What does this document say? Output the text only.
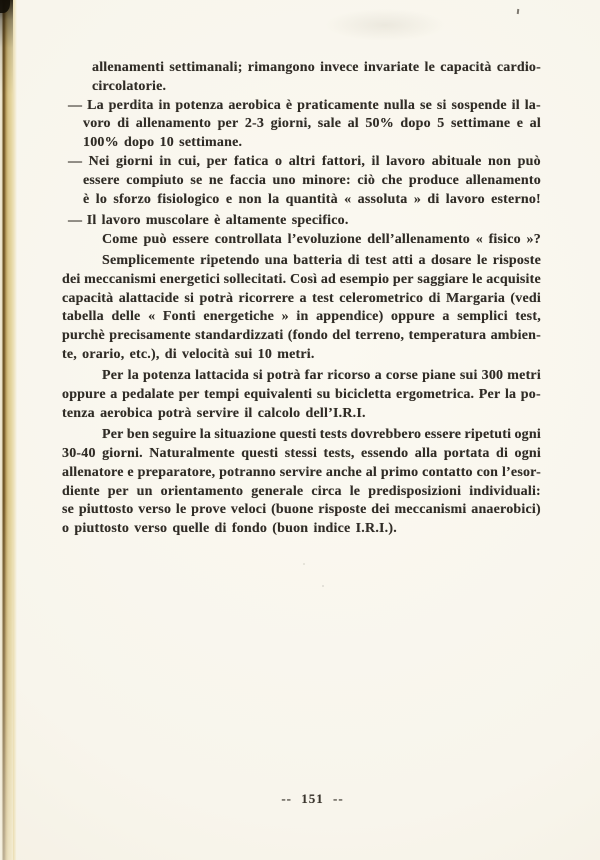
allenamenti settimanali; rimangono invece invariate le capacità cardio-
circolatorie.
— La perdita in potenza aerobica è praticamente nulla se si sospende il la-
voro di allenamento per 2-3 giorni, sale al 50% dopo 5 settimane e al
100% dopo 10 settimane.
— Nei giorni in cui, per fatica o altri fattori, il lavoro abituale non può
essere compiuto se ne faccia uno minore: ciò che produce allenamento
è lo sforzo fisiologico e non la quantità « assoluta » di lavoro esterno!
— Il lavoro muscolare è altamente specifico.
Come può essere controllata l’evoluzione dell’allenamento « fisico »?
Semplicemente ripetendo una batteria di test atti a dosare le risposte
dei meccanismi energetici sollecitati. Così ad esempio per saggiare le acquisite
capacità alattacide si potrà ricorrere a test celerometrico di Margaria (vedi
tabella delle « Fonti energetiche » in appendice) oppure a semplici test,
purchè precisamente standardizzati (fondo del terreno, temperatura ambien-
te, orario, etc.), di velocità sui 10 metri.
Per la potenza lattacida si potrà far ricorso a corse piane sui 300 metri
oppure a pedalate per tempi equivalenti su bicicletta ergometrica. Per la po-
tenza aerobica potrà servire il calcolo dell’I.R.I.
Per ben seguire la situazione questi tests dovrebbero essere ripetuti ogni
30-40 giorni. Naturalmente questi stessi tests, essendo alla portata di ogni
allenatore e preparatore, potranno servire anche al primo contatto con l’esor-
diente per un orientamento generale circa le predisposizioni individuali:
se piuttosto verso le prove veloci (buone risposte dei meccanismi anaerobici)
o piuttosto verso quelle di fondo (buon indice I.R.I.).
-- 151 --
